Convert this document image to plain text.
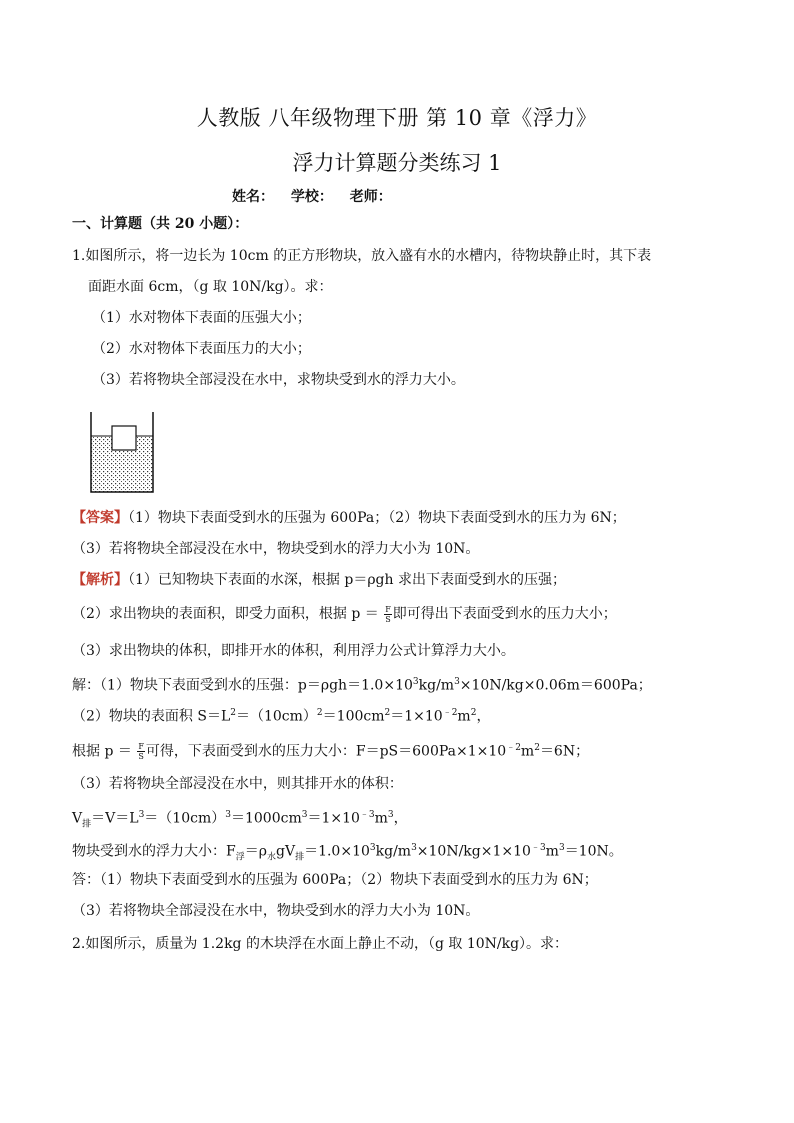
人教版 八年级物理下册 第 10 章《浮力》
浮力计算题分类练习 1
姓名： 学校： 老师：
一、计算题（共 20 小题）：
1.如图所示，将一边长为 10cm 的正方形物块，放入盛有水的水槽内，待物块静止时，其下表
面距水面 6cm，（g 取 10N/kg）。求：
（1）水对物体下表面的压强大小；
（2）水对物体下表面压力的大小；
（3）若将物块全部浸没在水中，求物块受到水的浮力大小。
【答案】（1）物块下表面受到水的压强为 600Pa；（2）物块下表面受到水的压力为 6N；
（3）若将物块全部浸没在水中，物块受到水的浮力大小为 10N。
【解析】（1）已知物块下表面的水深，根据 p＝ρgh 求出下表面受到水的压强；
（2）求出物块的表面积，即受力面积，根据 $p = \frac{F}{S}$ 即可得出下表面受到水的压力大小；
（3）求出物块的体积，即排开水的体积，利用浮力公式计算浮力大小。
解：（1）物块下表面受到水的压强：$p=\rho gh=1.0\times 10^3kg/m^3\times 10N/kg\times 0.06m=600Pa$；
（2）物块的表面积 $S=L^2=(10cm)^2=100cm^2=1\times 10^{﹣2}m^2$，
根据 $p = \frac{F}{S}$ 可得，下表面受到水的压力大小：$F=pS=600Pa\times 1\times 10^{﹣2}m^2=6N$；
（3）若将物块全部浸没在水中，则其排开水的体积：
$V_排=V=L^3=(10cm)^3=1000cm^3=1\times 10^{﹣3}m^3$，
物块受到水的浮力大小：$F_浮=\rho_水gV_排=1.0\times 10^3kg/m^3\times 10N/kg\times 1\times 10^{﹣3}m^3=10N$。
答：（1）物块下表面受到水的压强为 600Pa；（2）物块下表面受到水的压力为 6N；
（3）若将物块全部浸没在水中，物块受到水的浮力大小为 10N。
2.如图所示，质量为 1.2kg 的木块浮在水面上静止不动，（g 取 10N/kg）。求：
